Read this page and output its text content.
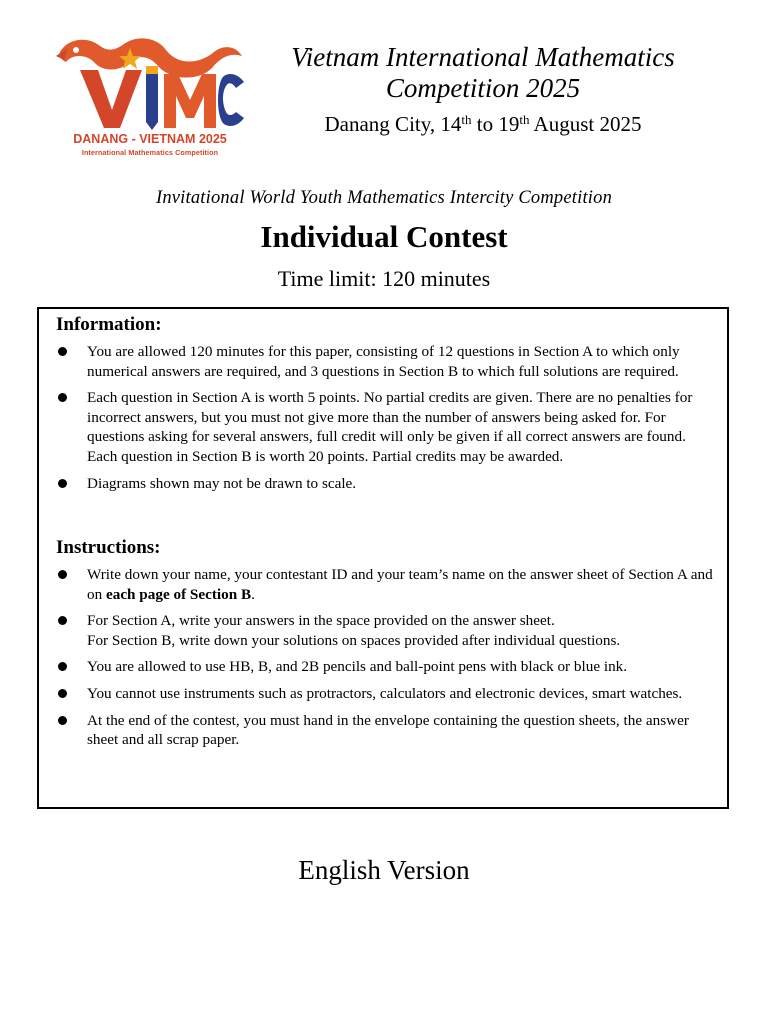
DANANG - VIETNAM 2025
International Mathematics Competition
Vietnam International Mathematics
Competition 2025
Danang City, 14th to 19th August 2025
Invitational World Youth Mathematics Intercity Competition
Individual Contest
Time limit: 120 minutes
Information:
You are allowed 120 minutes for this paper, consisting of 12 questions in Section A to which only numerical answers are required, and 3 questions in Section B to which full solutions are required.
Each question in Section A is worth 5 points. No partial credits are given. There are no penalties for incorrect answers, but you must not give more than the number of answers being asked for. For questions asking for several answers, full credit will only be given if all correct answers are found. Each question in Section B is worth 20 points. Partial credits may be awarded.
Diagrams shown may not be drawn to scale.
Instructions:
Write down your name, your contestant ID and your team’s name on the answer sheet of Section A and on each page of Section B.
For Section A, write your answers in the space provided on the answer sheet.
For Section B, write down your solutions on spaces provided after individual questions.
You are allowed to use HB, B, and 2B pencils and ball-point pens with black or blue ink.
You cannot use instruments such as protractors, calculators and electronic devices, smart watches.
At the end of the contest, you must hand in the envelope containing the question sheets, the answer sheet and all scrap paper.
English Version
